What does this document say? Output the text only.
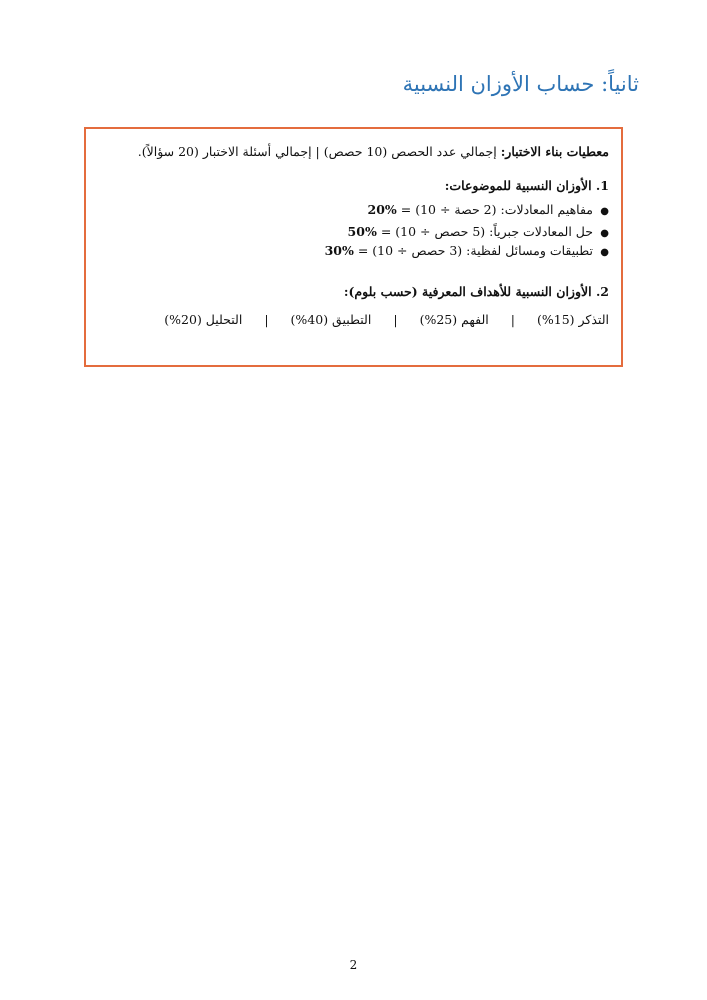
ثانياً: حساب الأوزان النسبية

معطيات بناء الاختبار: إجمالي عدد الحصص (10 حصص) | إجمالي أسئلة الاختبار (20 سؤالاً).

1. الأوزان النسبية للموضوعات:

● مفاهيم المعادلات: (2 حصة ÷ 10) = 20%
● حل المعادلات جبرياً: (5 حصص ÷ 10) = 50%
● تطبيقات ومسائل لفظية: (3 حصص ÷ 10) = 30%

2. الأوزان النسبية للأهداف المعرفية (حسب بلوم):

التذكر (15%)
|
الفهم (25%)
|
التطبيق (40%)
|
التحليل (20%)
2
